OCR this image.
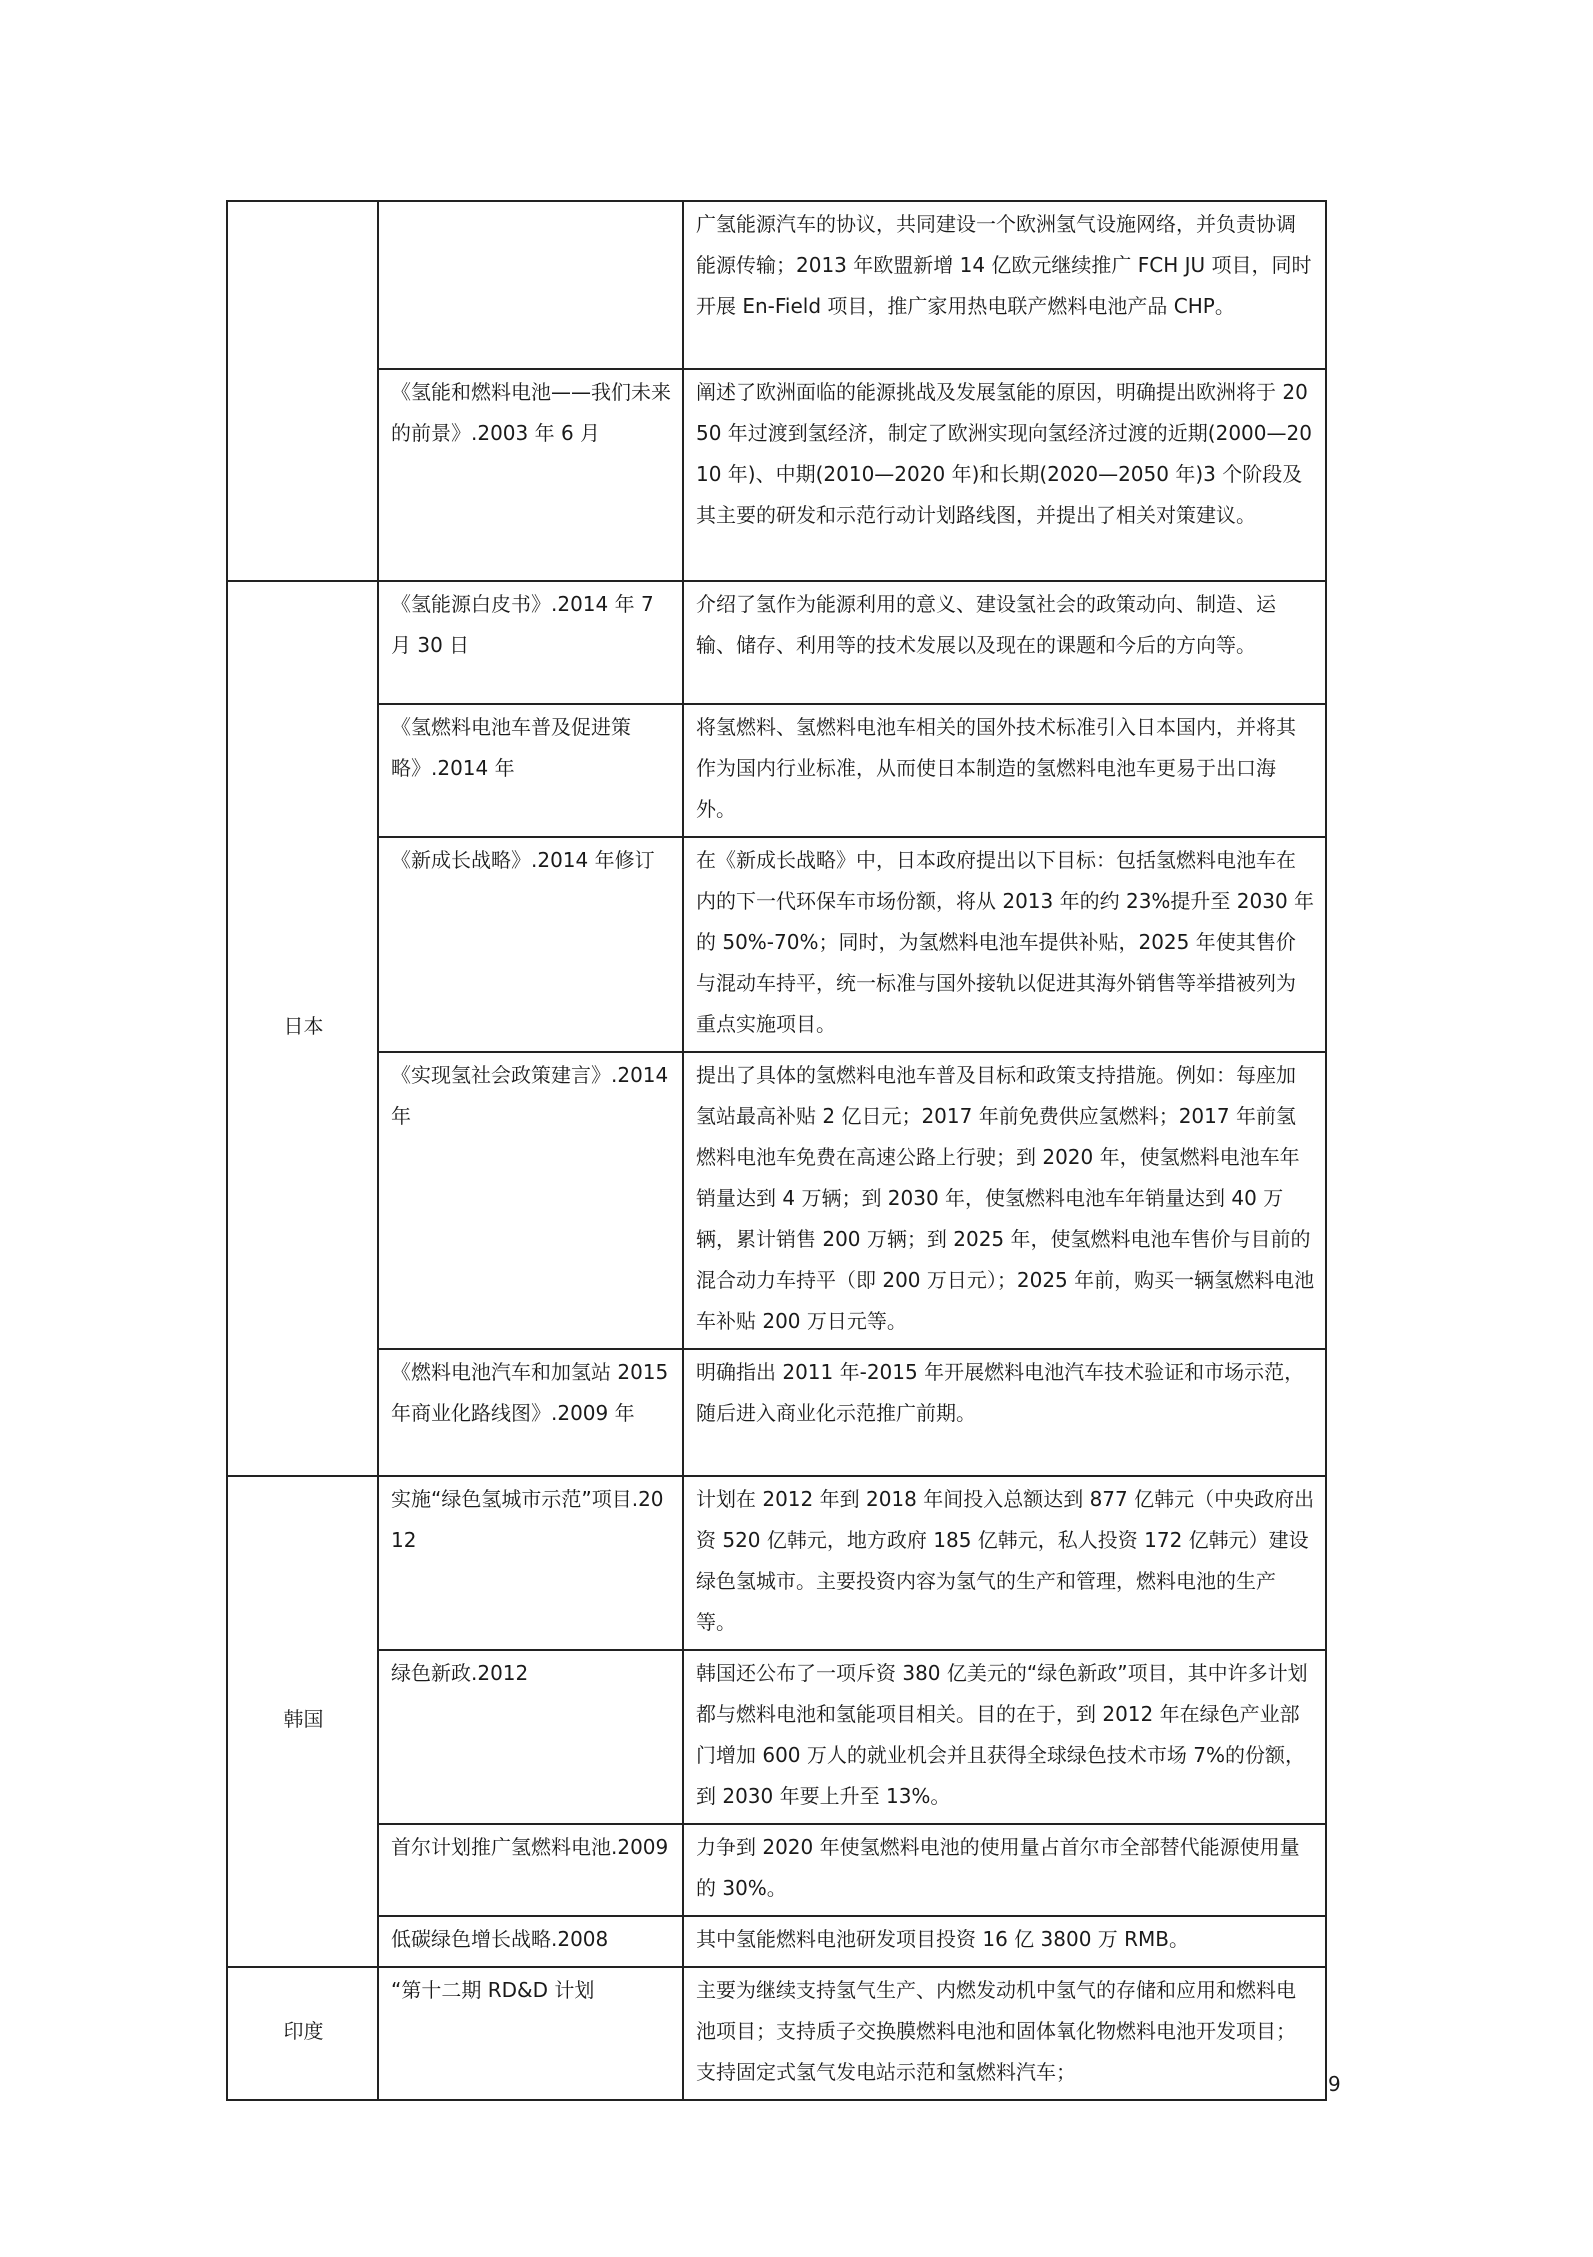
		广氢能源汽车的协议，共同建设一个欧洲氢气设施网络，并负责协调能源传输；2013 年欧盟新增 14 亿欧元继续推广 FCH JU 项目，同时开展 En-Field 项目，推广家用热电联产燃料电池产品 CHP。
	《氢能和燃料电池——我们未来的前景》.2003 年 6 月	阐述了欧洲面临的能源挑战及发展氢能的原因，明确提出欧洲将于 2050 年过渡到氢经济，制定了欧洲实现向氢经济过渡的近期(2000—2010 年)、中期(2010—2020 年)和长期(2020—2050 年)3 个阶段及其主要的研发和示范行动计划路线图，并提出了相关对策建议。
日本	《氢能源白皮书》.2014 年 7 月 30 日	介绍了氢作为能源利用的意义、建设氢社会的政策动向、制造、运输、储存、利用等的技术发展以及现在的课题和今后的方向等。
	《氢燃料电池车普及促进策略》.2014 年	将氢燃料、氢燃料电池车相关的国外技术标准引入日本国内，并将其作为国内行业标准，从而使日本制造的氢燃料电池车更易于出口海外。
	《新成长战略》.2014 年修订	在《新成长战略》中，日本政府提出以下目标：包括氢燃料电池车在内的下一代环保车市场份额，将从 2013 年的约 23%提升至 2030 年的 50%-70%；同时，为氢燃料电池车提供补贴，2025 年使其售价与混动车持平，统一标准与国外接轨以促进其海外销售等举措被列为重点实施项目。
	《实现氢社会政策建言》.2014 年	提出了具体的氢燃料电池车普及目标和政策支持措施。例如：每座加氢站最高补贴 2 亿日元；2017 年前免费供应氢燃料；2017 年前氢燃料电池车免费在高速公路上行驶；到 2020 年，使氢燃料电池车年销量达到 4 万辆；到 2030 年，使氢燃料电池车年销量达到 40 万辆，累计销售 200 万辆；到 2025 年，使氢燃料电池车售价与目前的混合动力车持平（即 200 万日元）；2025 年前，购买一辆氢燃料电池车补贴 200 万日元等。
	《燃料电池汽车和加氢站 2015 年商业化路线图》.2009 年	明确指出 2011 年-2015 年开展燃料电池汽车技术验证和市场示范，随后进入商业化示范推广前期。
韩国	实施“绿色氢城市示范”项目.2012	计划在 2012 年到 2018 年间投入总额达到 877 亿韩元（中央政府出资 520 亿韩元，地方政府 185 亿韩元，私人投资 172 亿韩元）建设绿色氢城市。主要投资内容为氢气的生产和管理，燃料电池的生产等。
	绿色新政.2012	韩国还公布了一项斥资 380 亿美元的“绿色新政”项目，其中许多计划都与燃料电池和氢能项目相关。目的在于，到 2012 年在绿色产业部门增加 600 万人的就业机会并且获得全球绿色技术市场 7%的份额，到 2030 年要上升至 13%。
	首尔计划推广氢燃料电池.2009	力争到 2020 年使氢燃料电池的使用量占首尔市全部替代能源使用量的 30%。
	低碳绿色增长战略.2008	其中氢能燃料电池研发项目投资 16 亿 3800 万 RMB。
印度	“第十二期 RD&D 计划	主要为继续支持氢气生产、内燃发动机中氢气的存储和应用和燃料电池项目；支持质子交换膜燃料电池和固体氧化物燃料电池开发项目；支持固定式氢气发电站示范和氢燃料汽车；	9
